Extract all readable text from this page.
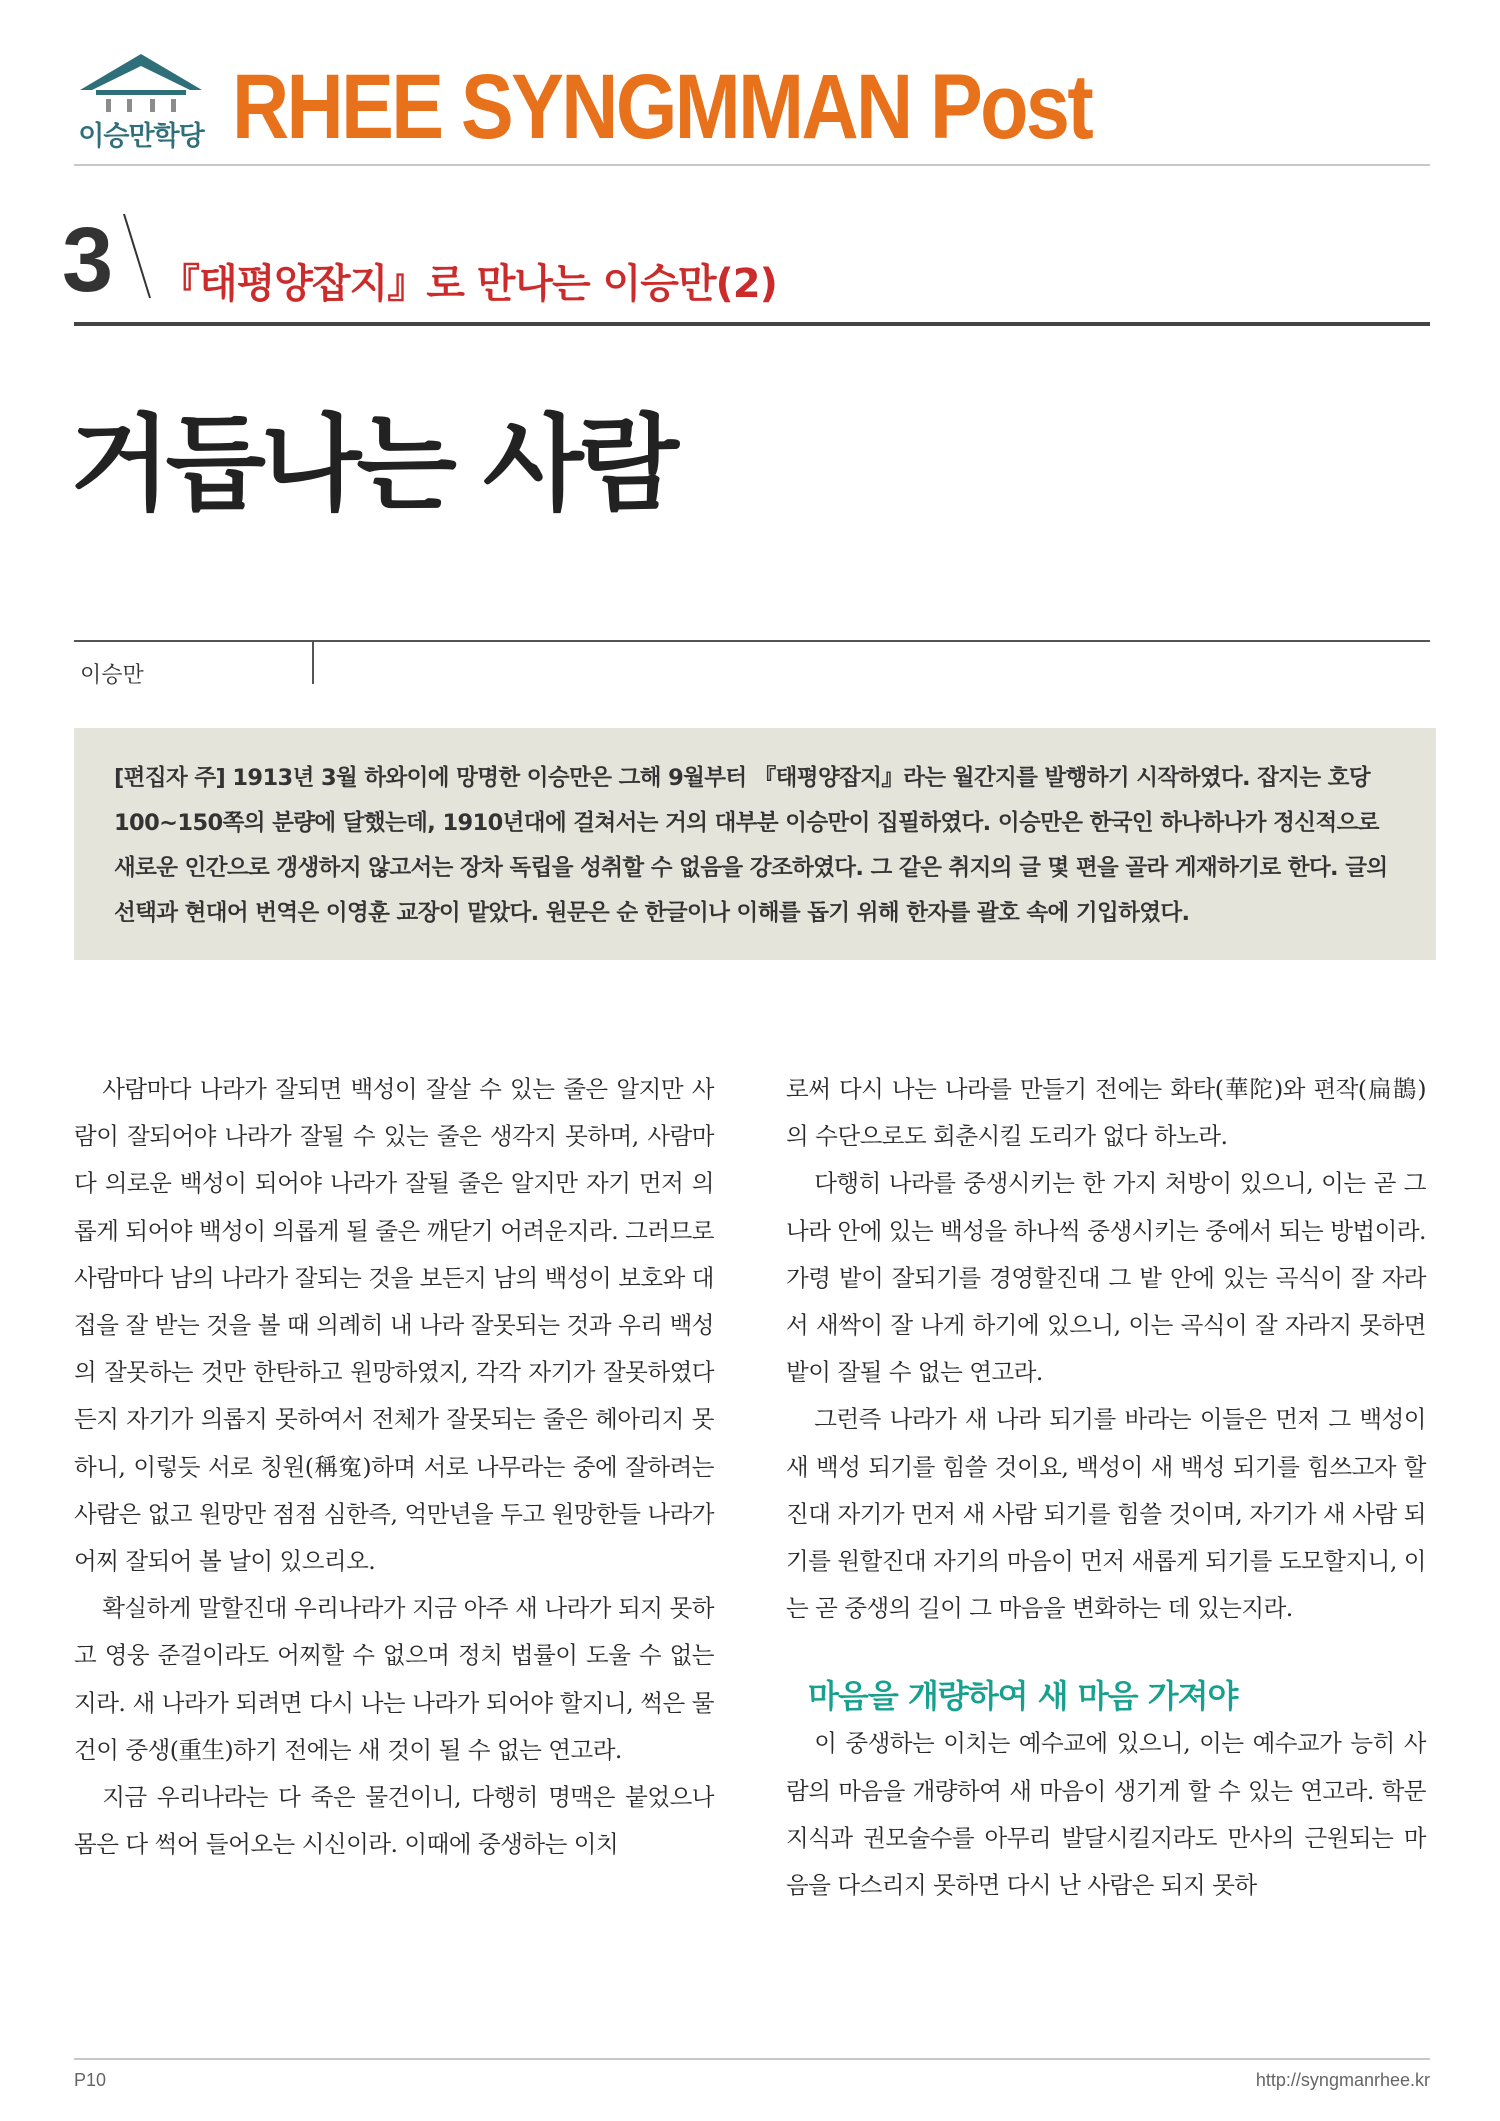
이승만학당 RHEE SYNGMMAN Post
3 『태평양잡지』로 만나는 이승만(2)
거듭나는 사람
이승만

[편집자 주] 1913년 3월 하와이에 망명한 이승만은 그해 9월부터 『태평양잡지』라는 월간지를 발행하기 시작하였다. 잡지는 호당 100~150쪽의 분량에 달했는데, 1910년대에 걸쳐서는 거의 대부분 이승만이 집필하였다. 이승만은 한국인 하나하나가 정신적으로 새로운 인간으로 갱생하지 않고서는 장차 독립을 성취할 수 없음을 강조하였다. 그 같은 취지의 글 몇 편을 골라 게재하기로 한다. 글의 선택과 현대어 번역은 이영훈 교장이 맡았다. 원문은 순 한글이나 이해를 돕기 위해 한자를 괄호 속에 기입하였다.

사람마다 나라가 잘되면 백성이 잘살 수 있는 줄은 알지만 사람이 잘되어야 나라가 잘될 수 있는 줄은 생각지 못하며, 사람마다 의로운 백성이 되어야 나라가 잘될 줄은 알지만 자기 먼저 의롭게 되어야 백성이 의롭게 될 줄은 깨닫기 어려운지라. 그러므로 사람마다 남의 나라가 잘되는 것을 보든지 남의 백성이 보호와 대접을 잘 받는 것을 볼 때 의례히 내 나라 잘못되는 것과 우리 백성의 잘못하는 것만 한탄하고 원망하였지, 각각 자기가 잘못하였다든지 자기가 의롭지 못하여서 전체가 잘못되는 줄은 헤아리지 못하니, 이렇듯 서로 칭원(稱寃)하며 서로 나무라는 중에 잘하려는 사람은 없고 원망만 점점 심한즉, 억만년을 두고 원망한들 나라가 어찌 잘되어 볼 날이 있으리오.

확실하게 말할진대 우리나라가 지금 아주 새 나라가 되지 못하고 영웅 준걸이라도 어찌할 수 없으며 정치 법률이 도울 수 없는지라. 새 나라가 되려면 다시 나는 나라가 되어야 할지니, 썩은 물건이 중생(重生)하기 전에는 새 것이 될 수 없는 연고라.

지금 우리나라는 다 죽은 물건이니, 다행히 명맥은 붙었으나 몸은 다 썩어 들어오는 시신이라. 이때에 중생하는 이치

로써 다시 나는 나라를 만들기 전에는 화타(華陀)와 편작(扁鵲)의 수단으로도 회춘시킬 도리가 없다 하노라.

다행히 나라를 중생시키는 한 가지 처방이 있으니, 이는 곧 그 나라 안에 있는 백성을 하나씩 중생시키는 중에서 되는 방법이라. 가령 밭이 잘되기를 경영할진대 그 밭 안에 있는 곡식이 잘 자라서 새싹이 잘 나게 하기에 있으니, 이는 곡식이 잘 자라지 못하면 밭이 잘될 수 없는 연고라.

그런즉 나라가 새 나라 되기를 바라는 이들은 먼저 그 백성이 새 백성 되기를 힘쓸 것이요, 백성이 새 백성 되기를 힘쓰고자 할진대 자기가 먼저 새 사람 되기를 힘쓸 것이며, 자기가 새 사람 되기를 원할진대 자기의 마음이 먼저 새롭게 되기를 도모할지니, 이는 곧 중생의 길이 그 마음을 변화하는 데 있는지라.

마음을 개량하여 새 마음 가져야

이 중생하는 이치는 예수교에 있으니, 이는 예수교가 능히 사람의 마음을 개량하여 새 마음이 생기게 할 수 있는 연고라. 학문 지식과 권모술수를 아무리 발달시킬지라도 만사의 근원되는 마음을 다스리지 못하면 다시 난 사람은 되지 못하

P10	http://syngmanrhee.kr
